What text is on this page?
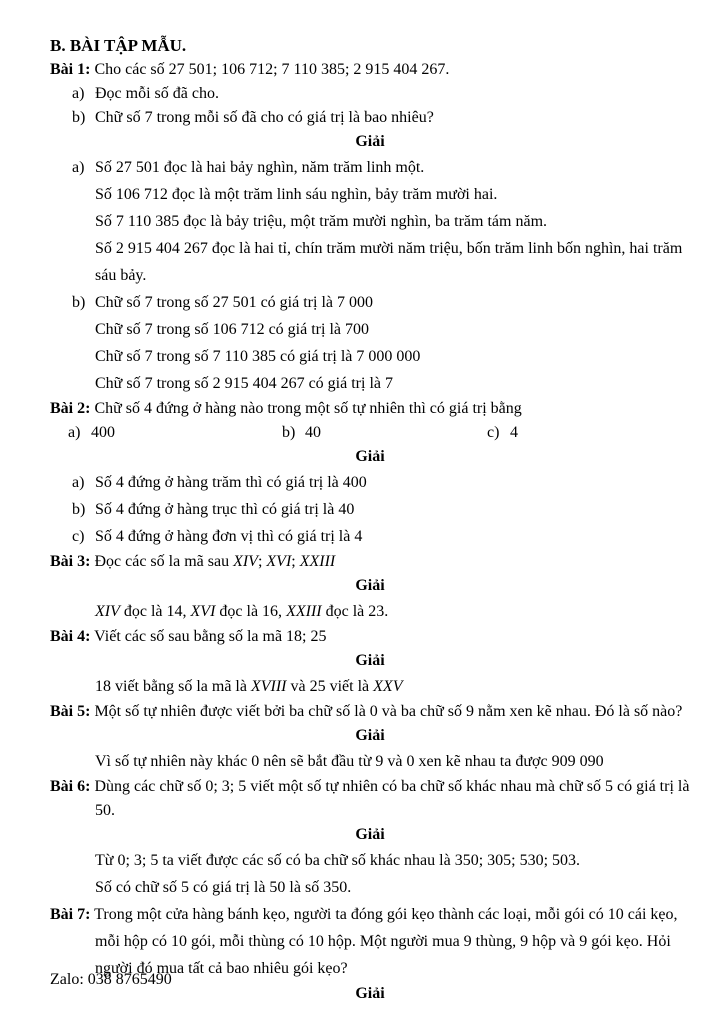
B. BÀI TẬP MẪU.
Bài 1: Cho các số 27 501; 106 712; 7 110 385; 2 915 404 267.
a) Đọc mỗi số đã cho.
b) Chữ số 7 trong mỗi số đã cho có giá trị là bao nhiêu?
Giải
a) Số 27 501 đọc là hai bảy nghìn, năm trăm linh một.
Số 106 712 đọc là một trăm linh sáu nghìn, bảy trăm mười hai.
Số 7 110 385 đọc là bảy triệu, một trăm mười nghìn, ba trăm tám năm.
Số 2 915 404 267 đọc là hai tỉ, chín trăm mười năm triệu, bốn trăm linh bốn nghìn, hai trăm sáu bảy.
b) Chữ số 7 trong số 27 501 có giá trị là 7 000
Chữ số 7 trong số 106 712 có giá trị là 700
Chữ số 7 trong số 7 110 385 có giá trị là 7 000 000
Chữ số 7 trong số 2 915 404 267 có giá trị là 7
Bài 2: Chữ số 4 đứng ở hàng nào trong một số tự nhiên thì có giá trị bằng
a) 400	b) 40	c) 4
Giải
a) Số 4 đứng ở hàng trăm thì có giá trị là 400
b) Số 4 đứng ở hàng trục thì có giá trị là 40
c) Số 4 đứng ở hàng đơn vị thì có giá trị là 4
Bài 3: Đọc các số la mã sau XIV; XVI; XXIII
Giải
XIV đọc là 14, XVI đọc là 16, XXIII đọc là 23.
Bài 4: Viết các số sau bằng số la mã 18; 25
Giải
18 viết bằng số la mã là XVIII và 25 viết là XXV
Bài 5: Một số tự nhiên được viết bởi ba chữ số là 0 và ba chữ số 9 nằm xen kẽ nhau. Đó là số nào?
Giải
Vì số tự nhiên này khác 0 nên sẽ bắt đầu từ 9 và 0 xen kẽ nhau ta được 909 090
Bài 6: Dùng các chữ số 0; 3; 5 viết một số tự nhiên có ba chữ số khác nhau mà chữ số 5 có giá trị là 50.
Giải
Từ 0; 3; 5 ta viết được các số có ba chữ số khác nhau là 350; 305; 530; 503.
Số có chữ số 5 có giá trị là 50 là số 350.
Bài 7: Trong một cửa hàng bánh kẹo, người ta đóng gói kẹo thành các loại, mỗi gói có 10 cái kẹo, mỗi hộp có 10 gói, mỗi thùng có 10 hộp. Một người mua 9 thùng, 9 hộp và 9 gói kẹo. Hỏi người đó mua tất cả bao nhiêu gói kẹo?
Giải
Zalo: 038 8765490
